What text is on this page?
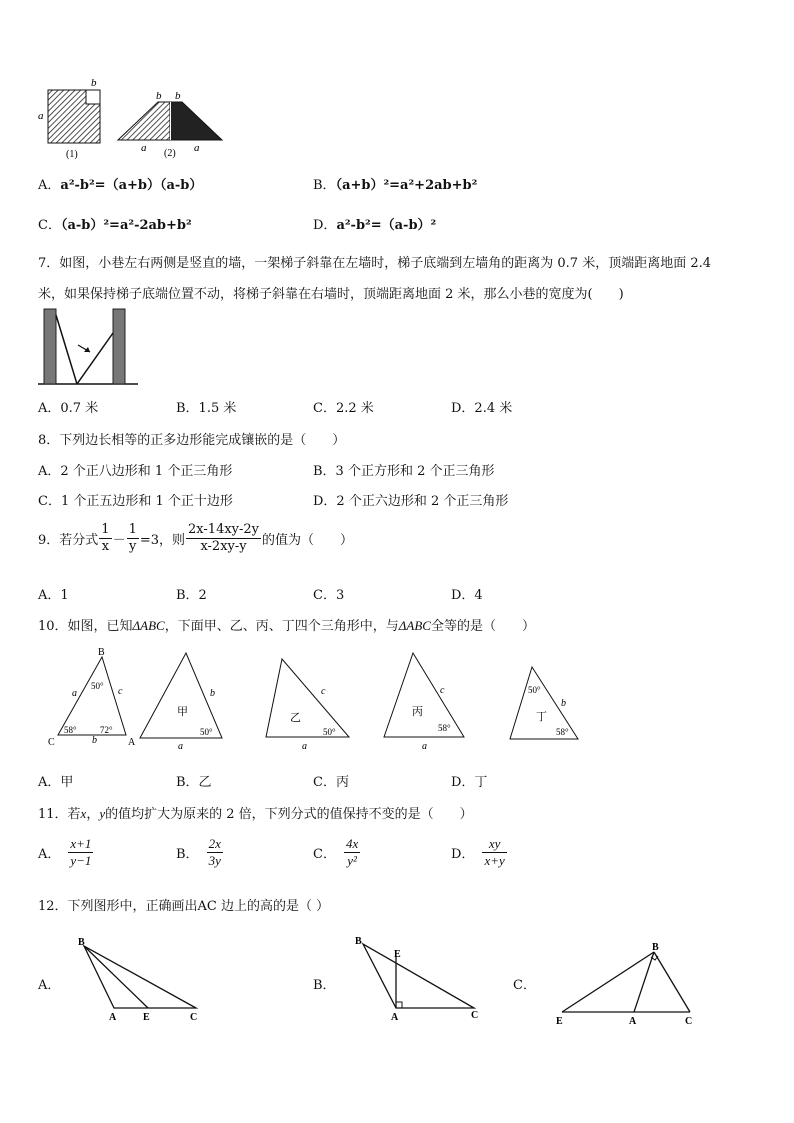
b
a
(1)
b b
a	a
(2)
A．a²-b²=（a+b）（a-b）	B．（a+b）²=a²+2ab+b²
C．（a-b）²=a²-2ab+b²	D．a²-b²=（a-b）²
7．如图，小巷左右两侧是竖直的墙，一架梯子斜靠在左墙时，梯子底端到左墙角的距离为 0.7 米，顶端距离地面 2.4
米，如果保持梯子底端位置不动，将梯子斜靠在右墙时，顶端距离地面 2 米，那么小巷的宽度为(　　)
A．0.7 米	B．1.5 米	C．2.2 米	D．2.4 米
8．下列边长相等的正多边形能完成镶嵌的是（　　）
A．2 个正八边形和 1 个正三角形	B．3 个正方形和 2 个正三角形
C．1 个正五边形和 1 个正十边形	D．2 个正六边形和 2 个正三角形
9．若分式 $\frac{1}{x} - \frac{1}{y} =3$，则 $\frac{2x-14xy-2y}{x-2xy-y}$ 的值为（　　）
A．1	B．2	C．3	D．4
10．如图，已知ΔABC，下面甲、乙、丙、丁四个三角形中，与ΔABC全等的是（　　）
B
C	A
a	c
b
50°
58°	72°
甲
b
50°
a
乙
c
50°
a
丙
c
58°
a
丁
50°
b
58°
A．甲	B．乙	C．丙	D．丁
11．若x，y的值均扩大为原来的 2 倍，下列分式的值保持不变的是（　　）
A． $\frac{x+1}{y-1}$	B． $\frac{2x}{3y}$	C． $\frac{4x}{\text{y²}}$	D． $\frac{xy}{x+y}$
12．下列图形中，正确画出AC 边上的高的是（ ）
A．
B
A	E	C
B．
B
E
A	C
C．
B
E	A	C
